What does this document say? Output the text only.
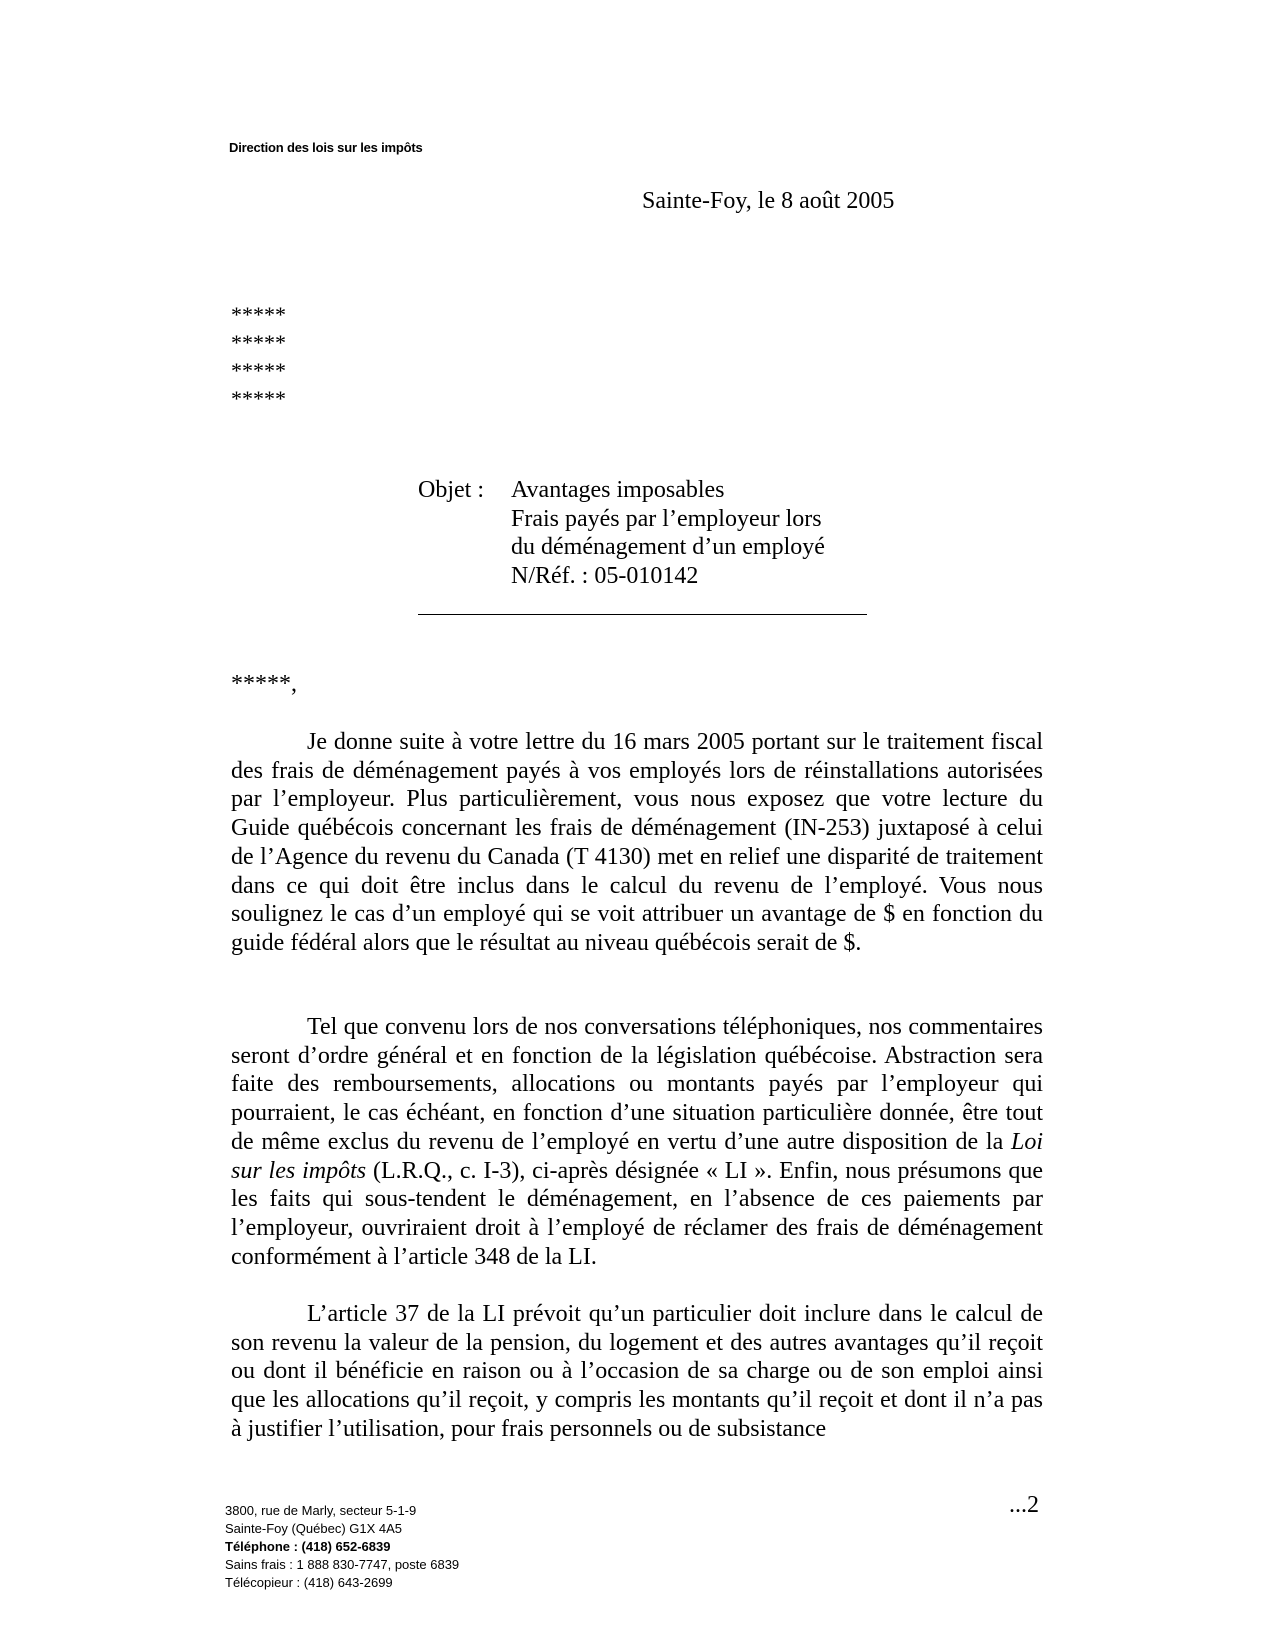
Direction des lois sur les impôts
Sainte-Foy, le 8 août 2005
*****
*****
*****
*****
Objet :	Avantages imposables
Frais payés par l’employeur lors
du déménagement d’un employé
N/Réf. : 05-010142
*****,
Je donne suite à votre lettre du 16 mars 2005 portant sur le traitement fiscal des frais de déménagement payés à vos employés lors de réinstallations autorisées par l’employeur. Plus particulièrement, vous nous exposez que votre lecture du Guide québécois concernant les frais de déménagement (IN-253) juxtaposé à celui de l’Agence du revenu du Canada (T 4130) met en relief une disparité de traitement dans ce qui doit être inclus dans le calcul du revenu de l’employé. Vous nous soulignez le cas d’un employé qui se voit attribuer un avantage de $ en fonction du guide fédéral alors que le résultat au niveau québécois serait de $.
Tel que convenu lors de nos conversations téléphoniques, nos commentaires seront d’ordre général et en fonction de la législation québécoise. Abstraction sera faite des remboursements, allocations ou montants payés par l’employeur qui pourraient, le cas échéant, en fonction d’une situation particulière donnée, être tout de même exclus du revenu de l’employé en vertu d’une autre disposition de la Loi sur les impôts (L.R.Q., c. I-3), ci-après désignée « LI ». Enfin, nous présumons que les faits qui sous-tendent le déménagement, en l’absence de ces paiements par l’employeur, ouvriraient droit à l’employé de réclamer des frais de déménagement conformément à l’article 348 de la LI.
L’article 37 de la LI prévoit qu’un particulier doit inclure dans le calcul de son revenu la valeur de la pension, du logement et des autres avantages qu’il reçoit ou dont il bénéficie en raison ou à l’occasion de sa charge ou de son emploi ainsi que les allocations qu’il reçoit, y compris les montants qu’il reçoit et dont il n’a pas à justifier l’utilisation, pour frais personnels ou de subsistance
3800, rue de Marly, secteur 5-1-9
Sainte-Foy (Québec) G1X 4A5
Téléphone : (418) 652-6839
Sains frais : 1 888 830-7747, poste 6839
Télécopieur : (418) 643-2699
...2
